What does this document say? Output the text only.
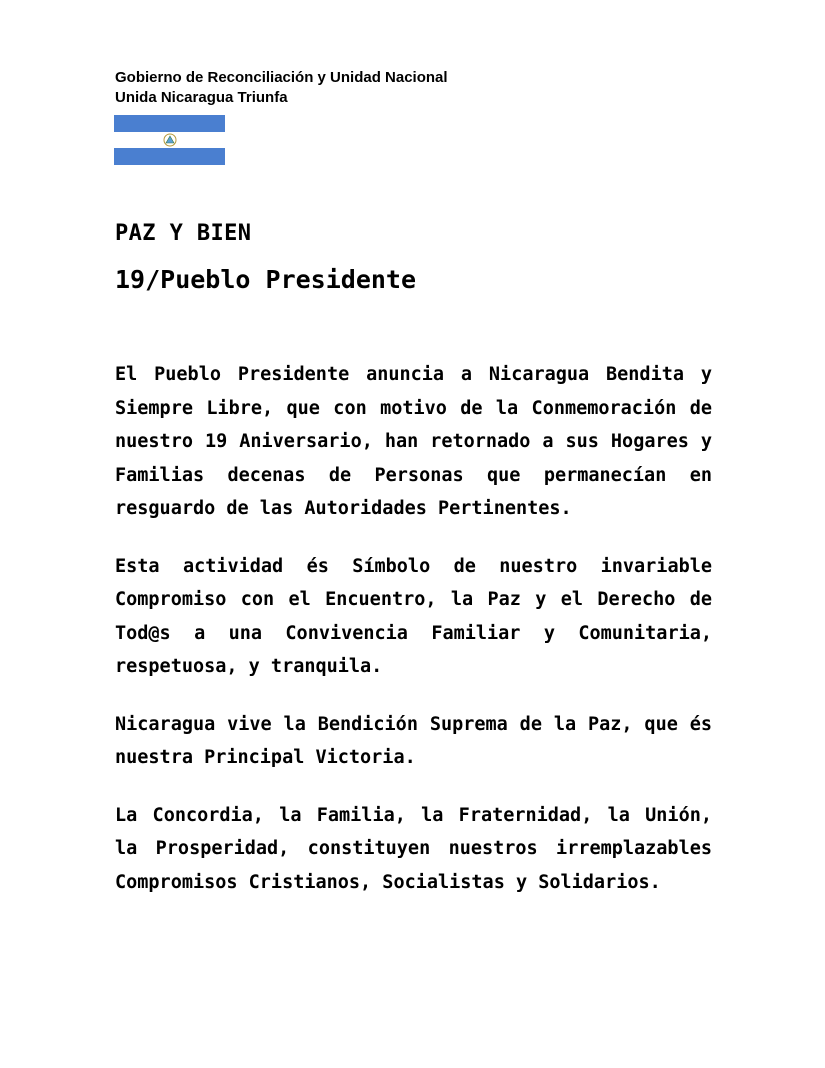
Gobierno de Reconciliación y Unidad Nacional
Unida Nicaragua Triunfa
PAZ Y BIEN
19/Pueblo Presidente

El Pueblo Presidente anuncia a Nicaragua Bendita y Siempre Libre, que con motivo de la Conmemoración de nuestro 19 Aniversario, han retornado a sus Hogares y Familias decenas de Personas que permanecían en resguardo de las Autoridades Pertinentes.

Esta actividad és Símbolo de nuestro invariable Compromiso con el Encuentro, la Paz y el Derecho de Tod@s a una Convivencia Familiar y Comunitaria, respetuosa, y tranquila.

Nicaragua vive la Bendición Suprema de la Paz, que és nuestra Principal Victoria.

La Concordia, la Familia, la Fraternidad, la Unión, la Prosperidad, constituyen nuestros irremplazables Compromisos Cristianos, Socialistas y Solidarios.
